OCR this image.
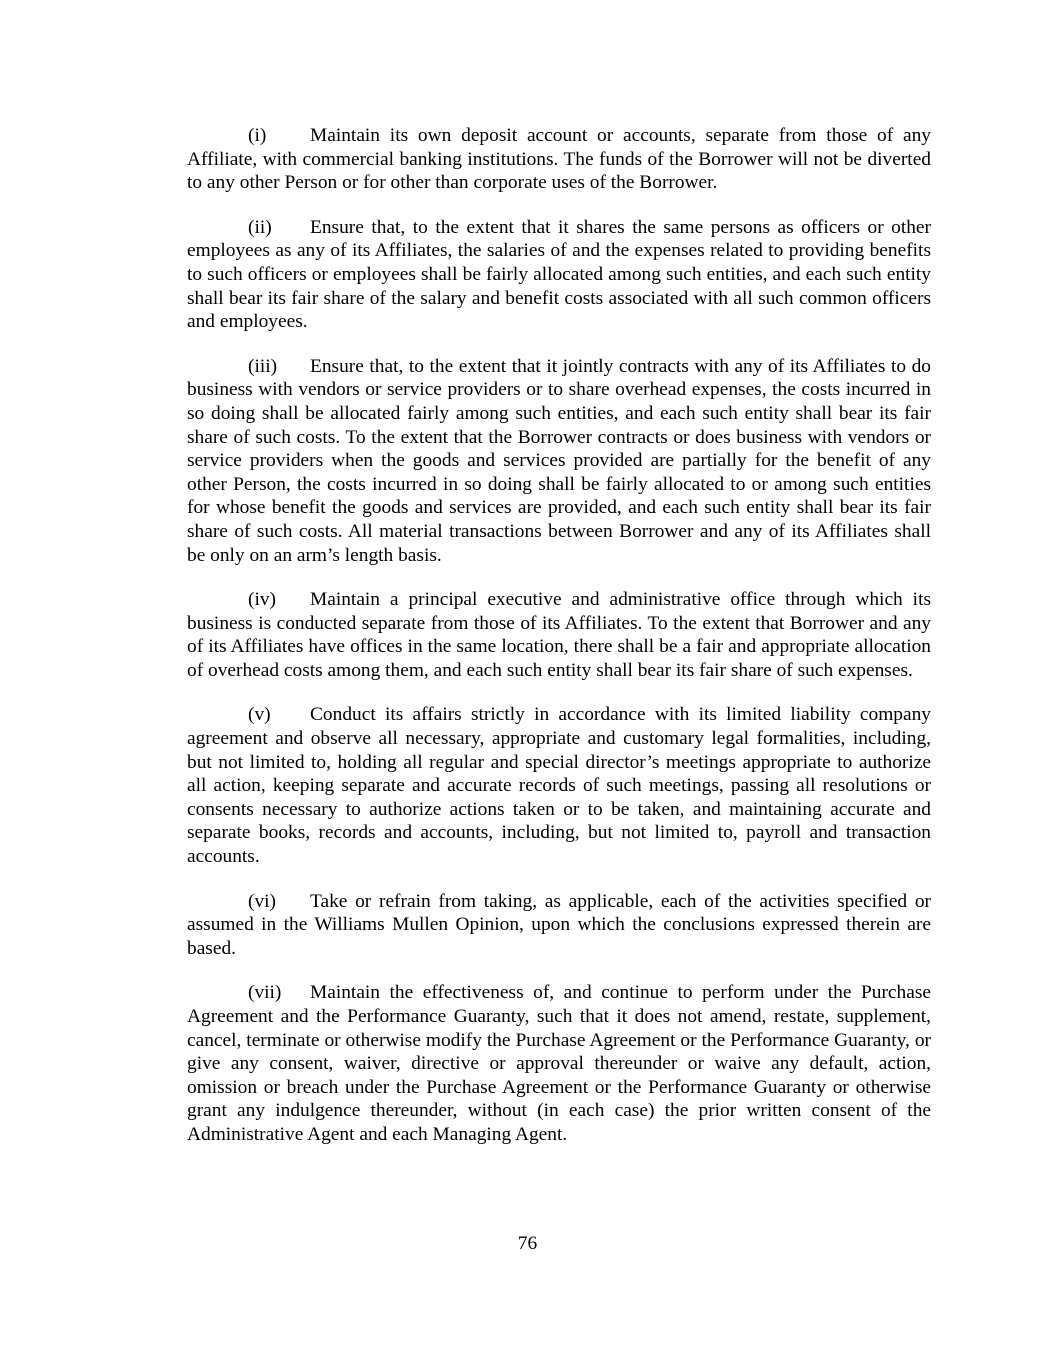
(i) Maintain its own deposit account or accounts, separate from those of any Affiliate, with commercial banking institutions. The funds of the Borrower will not be diverted to any other Person or for other than corporate uses of the Borrower.

(ii) Ensure that, to the extent that it shares the same persons as officers or other employees as any of its Affiliates, the salaries of and the expenses related to providing benefits to such officers or employees shall be fairly allocated among such entities, and each such entity shall bear its fair share of the salary and benefit costs associated with all such common officers and employees.

(iii) Ensure that, to the extent that it jointly contracts with any of its Affiliates to do business with vendors or service providers or to share overhead expenses, the costs incurred in so doing shall be allocated fairly among such entities, and each such entity shall bear its fair share of such costs. To the extent that the Borrower contracts or does business with vendors or service providers when the goods and services provided are partially for the benefit of any other Person, the costs incurred in so doing shall be fairly allocated to or among such entities for whose benefit the goods and services are provided, and each such entity shall bear its fair share of such costs. All material transactions between Borrower and any of its Affiliates shall be only on an arm’s length basis.

(iv) Maintain a principal executive and administrative office through which its business is conducted separate from those of its Affiliates. To the extent that Borrower and any of its Affiliates have offices in the same location, there shall be a fair and appropriate allocation of overhead costs among them, and each such entity shall bear its fair share of such expenses.

(v) Conduct its affairs strictly in accordance with its limited liability company agreement and observe all necessary, appropriate and customary legal formalities, including, but not limited to, holding all regular and special director’s meetings appropriate to authorize all action, keeping separate and accurate records of such meetings, passing all resolutions or consents necessary to authorize actions taken or to be taken, and maintaining accurate and separate books, records and accounts, including, but not limited to, payroll and transaction accounts.

(vi) Take or refrain from taking, as applicable, each of the activities specified or assumed in the Williams Mullen Opinion, upon which the conclusions expressed therein are based.

(vii) Maintain the effectiveness of, and continue to perform under the Purchase Agreement and the Performance Guaranty, such that it does not amend, restate, supplement, cancel, terminate or otherwise modify the Purchase Agreement or the Performance Guaranty, or give any consent, waiver, directive or approval thereunder or waive any default, action, omission or breach under the Purchase Agreement or the Performance Guaranty or otherwise grant any indulgence thereunder, without (in each case) the prior written consent of the Administrative Agent and each Managing Agent.

76
